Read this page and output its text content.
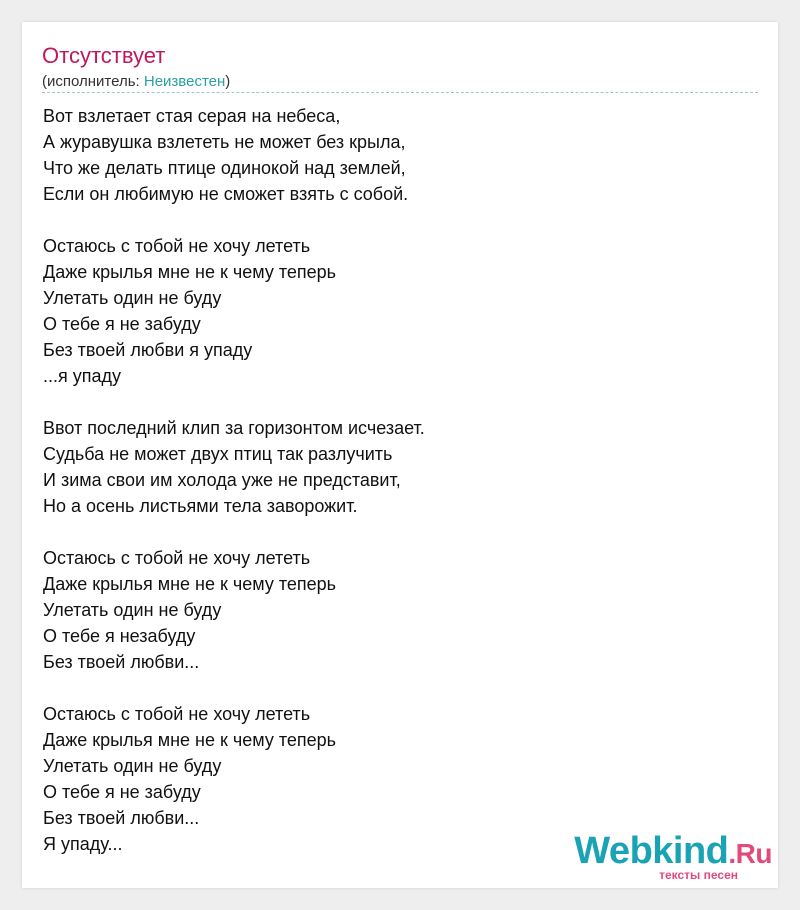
Отсутствует
(исполнитель: Неизвестен)
Вот взлетает стая серая на небеса,
А журавушка взлететь не может без крыла,
Что же делать птице одинокой над землей,
Если он любимую не сможет взять с собой.
Остаюсь с тобой не хочу лететь
Даже крылья мне не к чему теперь
Улетать один не буду
О тебе я не забуду
Без твоей любви я упаду
...я упаду
Ввот последний клип за горизонтом исчезает.
Судьба не может двух птиц так разлучить
И зима свои им холода уже не представит,
Но а осень листьями тела заворожит.
Остаюсь с тобой не хочу лететь
Даже крылья мне не к чему теперь
Улетать один не буду
О тебе я незабуду
Без твоей любви...
Остаюсь с тобой не хочу лететь
Даже крылья мне не к чему теперь
Улетать один не буду
О тебе я не забуду
Без твоей любви...
Я упаду...	Webkind.Ru
тексты песен
